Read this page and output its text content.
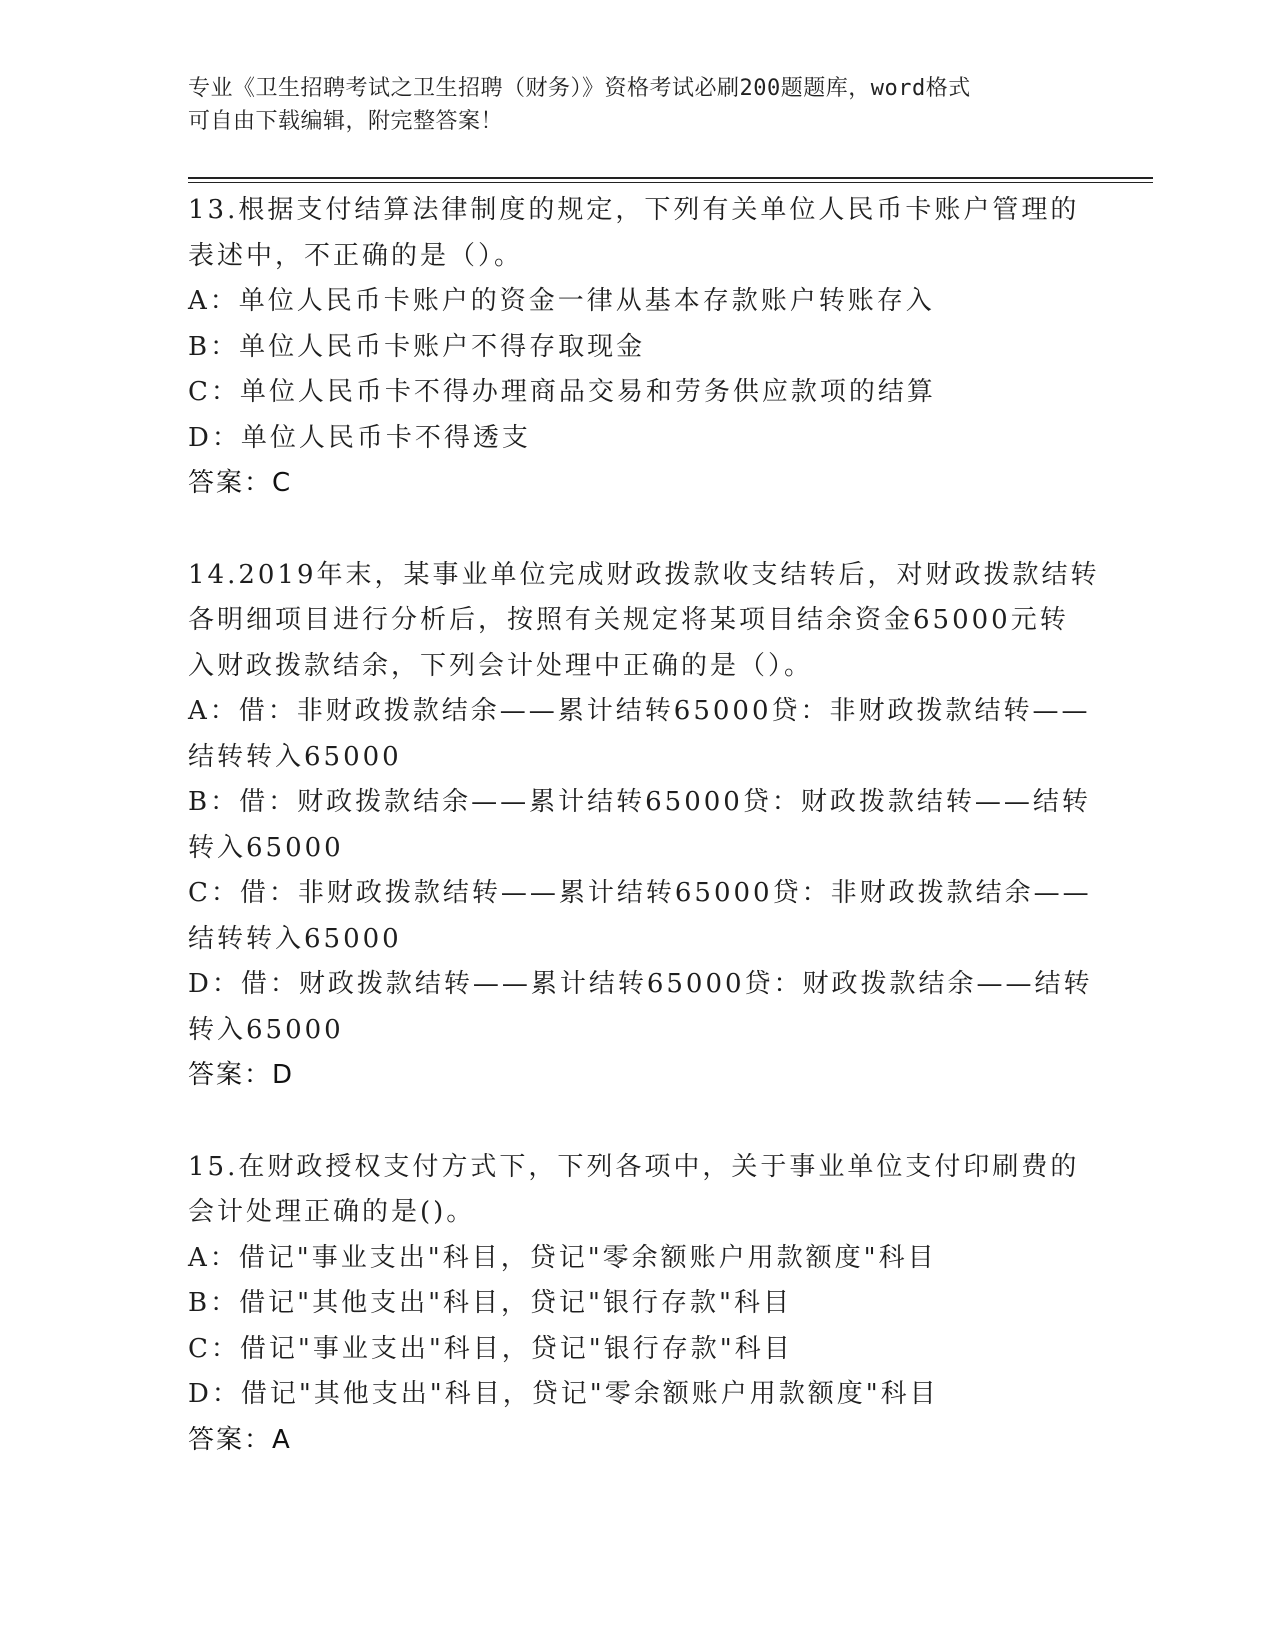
专业《卫生招聘考试之卫生招聘（财务）》资格考试必刷200题题库，word格式
可自由下载编辑，附完整答案！
13.根据支付结算法律制度的规定，下列有关单位人民币卡账户管理的
表述中，不正确的是（）。
A：单位人民币卡账户的资金一律从基本存款账户转账存入
B：单位人民币卡账户不得存取现金
C：单位人民币卡不得办理商品交易和劳务供应款项的结算
D：单位人民币卡不得透支
答案：C
14.2019年末，某事业单位完成财政拨款收支结转后，对财政拨款结转
各明细项目进行分析后，按照有关规定将某项目结余资金65000元转
入财政拨款结余，下列会计处理中正确的是（）。
A：借：非财政拨款结余——累计结转65000贷：非财政拨款结转——
结转转入65000
B：借：财政拨款结余——累计结转65000贷：财政拨款结转——结转
转入65000
C：借：非财政拨款结转——累计结转65000贷：非财政拨款结余——
结转转入65000
D：借：财政拨款结转——累计结转65000贷：财政拨款结余——结转
转入65000
答案：D
15.在财政授权支付方式下，下列各项中，关于事业单位支付印刷费的
会计处理正确的是()。
A：借记"事业支出"科目，贷记"零余额账户用款额度"科目
B：借记"其他支出"科目，贷记"银行存款"科目
C：借记"事业支出"科目，贷记"银行存款"科目
D：借记"其他支出"科目，贷记"零余额账户用款额度"科目
答案：A
